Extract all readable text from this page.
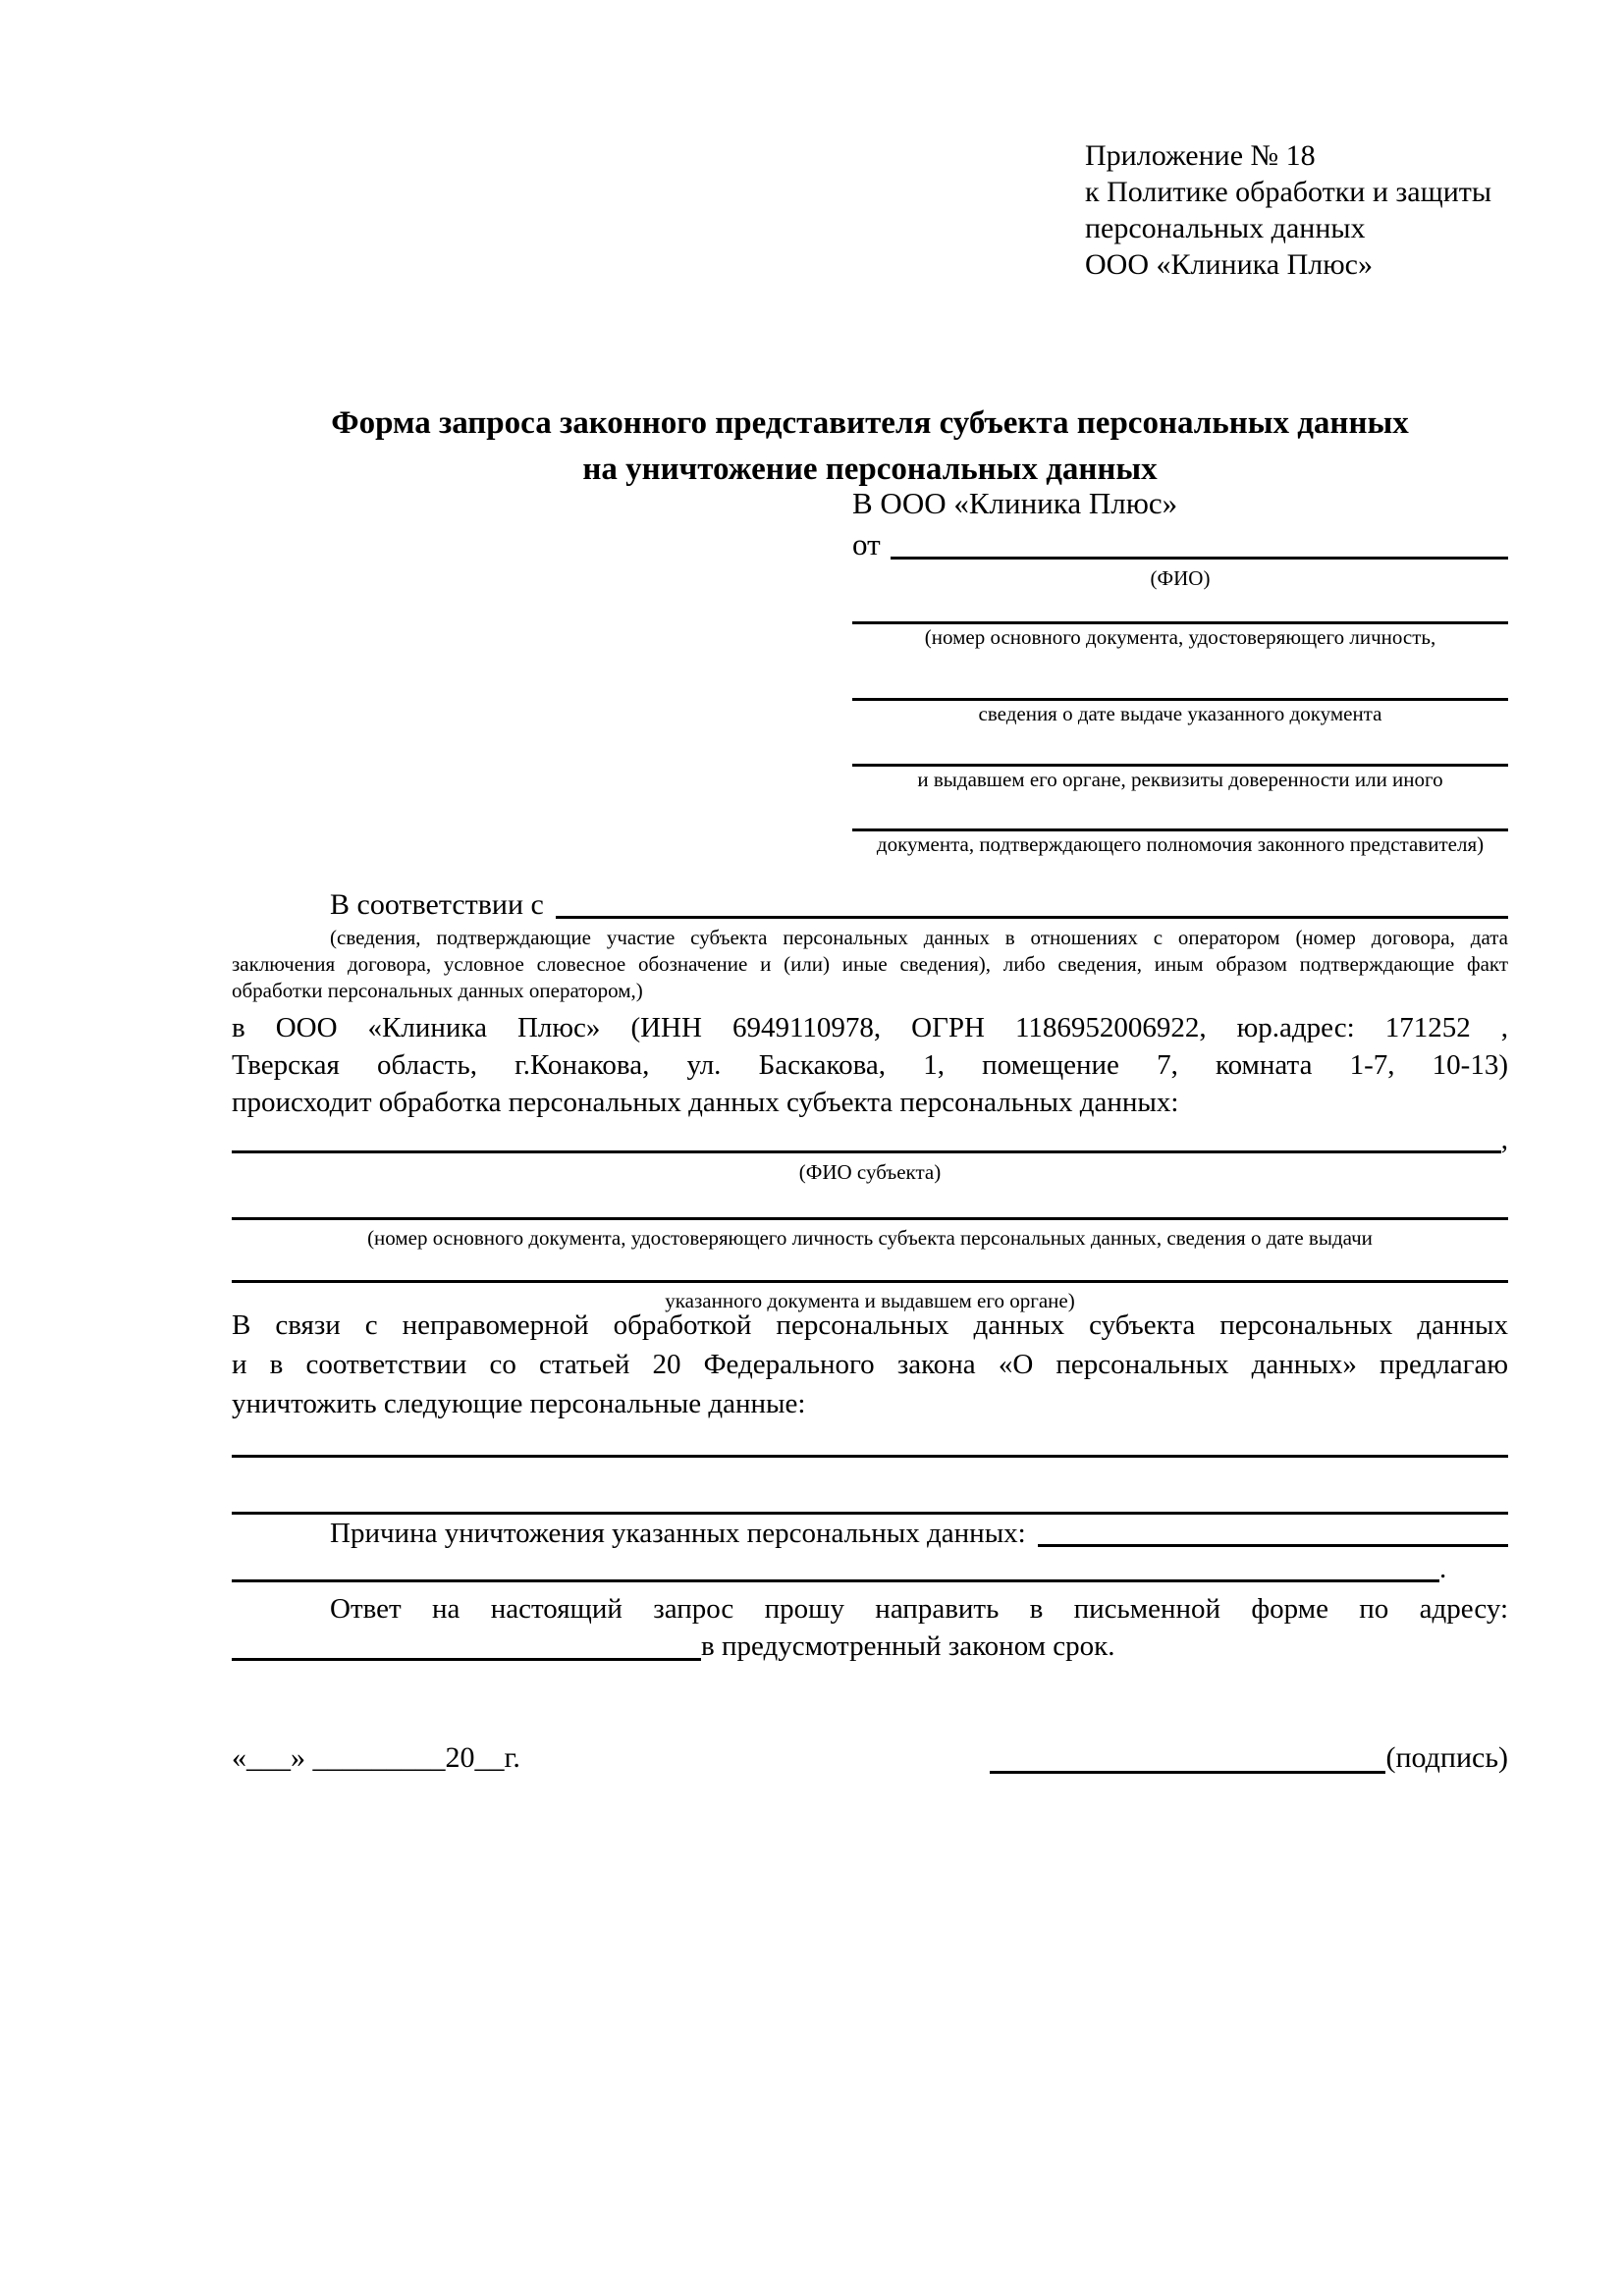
Приложение № 18
к Политике обработки и защиты
персональных данных
ООО «Клиника Плюс»
Форма запроса законного представителя субъекта персональных данных
на уничтожение персональных данных
В ООО «Клиника Плюс»
от
(ФИО)
(номер основного документа, удостоверяющего личность,
сведения о дате выдаче указанного документа
и выдавшем его органе, реквизиты доверенности или иного
документа, подтверждающего полномочия законного представителя)
В соответствии с
(сведения, подтверждающие участие субъекта персональных данных в отношениях с оператором (номер договора, дата
заключения договора, условное словесное обозначение и (или) иные сведения), либо сведения, иным образом подтверждающие факт
обработки персональных данных оператором,)
в ООО «Клиника Плюс» (ИНН 6949110978, ОГРН 1186952006922, юр.адрес: 171252 ,
Тверская область, г.Конакова, ул. Баскакова, 1, помещение 7, комната 1-7, 10-13)
происходит обработка персональных данных субъекта персональных данных:
,
(ФИО субъекта)
(номер основного документа, удостоверяющего личность субъекта персональных данных, сведения о дате выдачи
указанного документа и выдавшем его органе)
В связи с неправомерной обработкой персональных данных субъекта персональных данных
и в соответствии со статьей 20 Федерального закона «О персональных данных» предлагаю
уничтожить следующие персональные данные:
Причина уничтожения указанных персональных данных:
.
Ответ на настоящий запрос прошу направить в письменной форме по адресу:
в предусмотренный законом срок.
«___» _________20__г.	(подпись)
